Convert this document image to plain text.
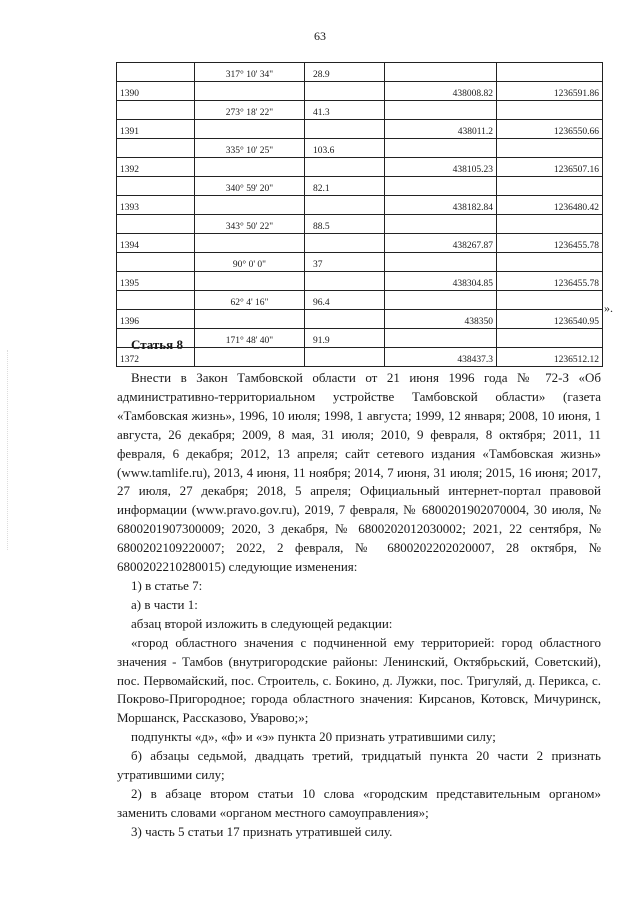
63
	317° 10' 34"	28.9		
1390			438008.82	1236591.86
	273° 18' 22"	41.3		
1391			438011.2	1236550.66
	335° 10' 25"	103.6		
1392			438105.23	1236507.16
	340° 59' 20"	82.1		
1393			438182.84	1236480.42
	343° 50' 22"	88.5		
1394			438267.87	1236455.78
	90° 0' 0"	37		
1395			438304.85	1236455.78
	62° 4' 16"	96.4		
1396			438350	1236540.95
	171° 48' 40"	91.9		
1372			438437.3	1236512.12
».
Статья 8

Внести в Закон Тамбовской области от 21 июня 1996 года № 72-З «Об административно-территориальном устройстве Тамбовской области» (газета «Тамбовская жизнь», 1996, 10 июля; 1998, 1 августа; 1999, 12 января; 2008, 10 июня, 1 августа, 26 декабря; 2009, 8 мая, 31 июля; 2010, 9 февраля, 8 октября; 2011, 11 февраля, 6 декабря; 2012, 13 апреля; сайт сетевого издания «Тамбовская жизнь» (www.tamlife.ru), 2013, 4 июня, 11 ноября; 2014, 7 июня, 31 июля; 2015, 16 июня; 2017, 27 июля, 27 декабря; 2018, 5 апреля; Официальный интернет-портал правовой информации (www.pravo.gov.ru), 2019, 7 февраля, № 6800201902070004, 30 июля, № 6800201907300009; 2020, 3 декабря, № 6800202012030002; 2021, 22 сентября, № 6800202109220007; 2022, 2 февраля, № 6800202202020007, 28 октября, № 6800202210280015) следующие изменения:

1) в статье 7:

а) в части 1:

абзац второй изложить в следующей редакции:

«город областного значения с подчиненной ему территорией: город областного значения - Тамбов (внутригородские районы: Ленинский, Октябрьский, Советский), пос. Первомайский, пос. Строитель, с. Бокино, д. Лужки, пос. Тригуляй, д. Перикса, с. Покрово-Пригородное; города областного значения: Кирсанов, Котовск, Мичуринск, Моршанск, Рассказово, Уварово;»;

подпункты «д», «ф» и «э» пункта 20 признать утратившими силу;

б) абзацы седьмой, двадцать третий, тридцатый пункта 20 части 2 признать утратившими силу;

2) в абзаце втором статьи 10 слова «городским представительным органом» заменить словами «органом местного самоуправления»;

3) часть 5 статьи 17 признать утратившей силу.
